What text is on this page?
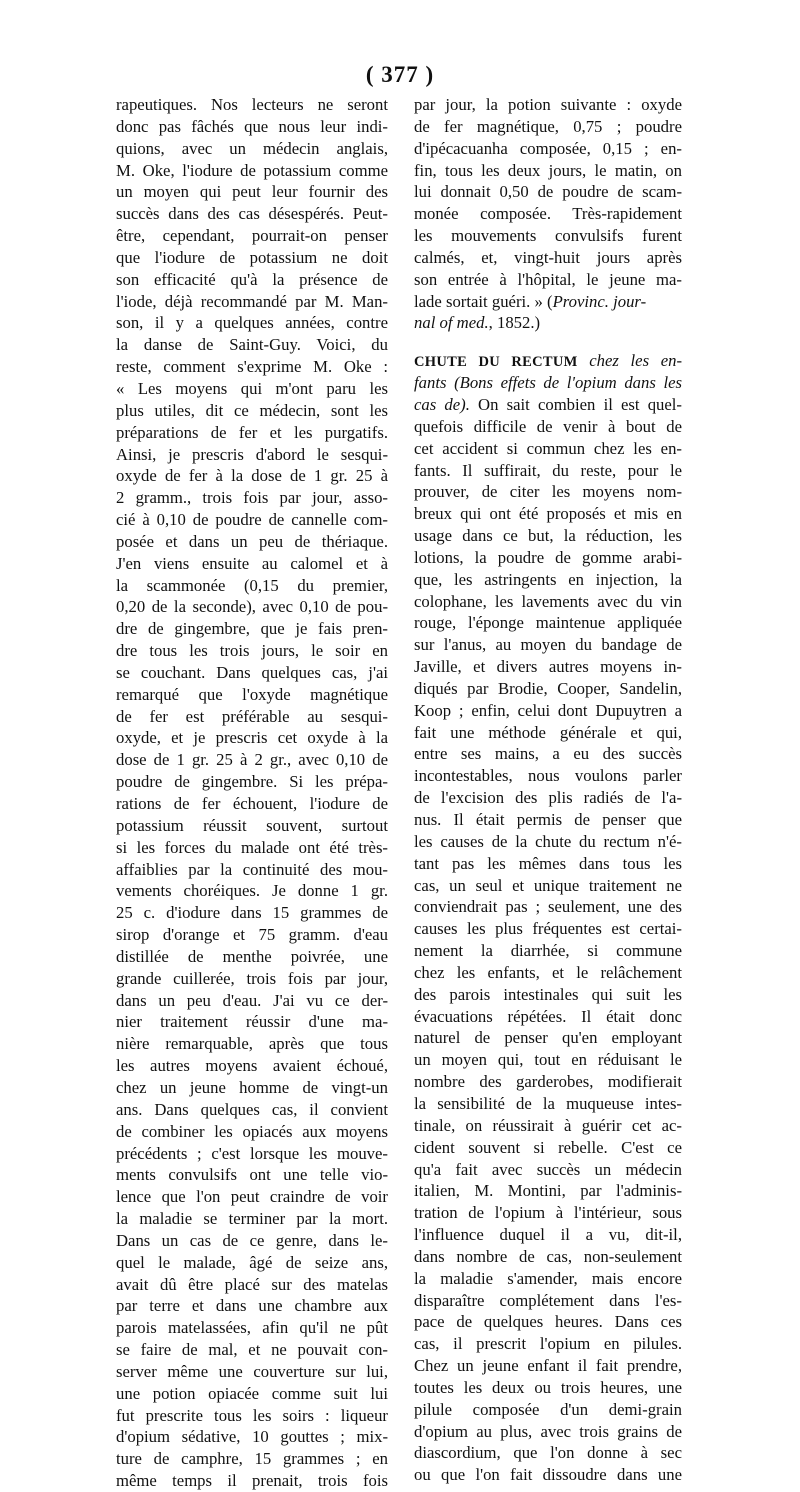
( 377 )
rapeutiques. Nos lecteurs ne seront
donc pas fâchés que nous leur indi-
quions, avec un médecin anglais,
M. Oke, l'iodure de potassium comme
un moyen qui peut leur fournir des
succès dans des cas désespérés. Peut-
être, cependant, pourrait-on penser
que l'iodure de potassium ne doit
son efficacité qu'à la présence de
l'iode, déjà recommandé par M. Man-
son, il y a quelques années, contre
la danse de Saint-Guy. Voici, du
reste, comment s'exprime M. Oke :
« Les moyens qui m'ont paru les
plus utiles, dit ce médecin, sont les
préparations de fer et les purgatifs.
Ainsi, je prescris d'abord le sesqui-
oxyde de fer à la dose de 1 gr. 25 à
2 gramm., trois fois par jour, asso-
cié à 0,10 de poudre de cannelle com-
posée et dans un peu de thériaque.
J'en viens ensuite au calomel et à
la scammonée (0,15 du premier,
0,20 de la seconde), avec 0,10 de pou-
dre de gingembre, que je fais pren-
dre tous les trois jours, le soir en
se couchant. Dans quelques cas, j'ai
remarqué que l'oxyde magnétique
de fer est préférable au sesqui-
oxyde, et je prescris cet oxyde à la
dose de 1 gr. 25 à 2 gr., avec 0,10 de
poudre de gingembre. Si les prépa-
rations de fer échouent, l'iodure de
potassium réussit souvent, surtout
si les forces du malade ont été très-
affaiblies par la continuité des mou-
vements choréiques. Je donne 1 gr.
25 c. d'iodure dans 15 grammes de
sirop d'orange et 75 gramm. d'eau
distillée de menthe poivrée, une
grande cuillerée, trois fois par jour,
dans un peu d'eau. J'ai vu ce der-
nier traitement réussir d'une ma-
nière remarquable, après que tous
les autres moyens avaient échoué,
chez un jeune homme de vingt-un
ans. Dans quelques cas, il convient
de combiner les opiacés aux moyens
précédents ; c'est lorsque les mouve-
ments convulsifs ont une telle vio-
lence que l'on peut craindre de voir
la maladie se terminer par la mort.
Dans un cas de ce genre, dans le-
quel le malade, âgé de seize ans,
avait dû être placé sur des matelas
par terre et dans une chambre aux
parois matelassées, afin qu'il ne pût
se faire de mal, et ne pouvait con-
server même une couverture sur lui,
une potion opiacée comme suit lui
fut prescrite tous les soirs : liqueur
d'opium sédative, 10 gouttes ; mix-
ture de camphre, 15 grammes ; en
même temps il prenait, trois fois
par jour, la potion suivante : oxyde
de fer magnétique, 0,75 ; poudre
d'ipécacuanha composée, 0,15 ; en-
fin, tous les deux jours, le matin, on
lui donnait 0,50 de poudre de scam-
monée composée. Très-rapidement
les mouvements convulsifs furent
calmés, et, vingt-huit jours après
son entrée à l'hôpital, le jeune ma-
lade sortait guéri. » (Provinc. jour-
nal of med., 1852.)
CHUTE DU RECTUM chez les en-
fants (Bons effets de l'opium dans les
cas de). On sait combien il est quel-
quefois difficile de venir à bout de
cet accident si commun chez les en-
fants. Il suffirait, du reste, pour le
prouver, de citer les moyens nom-
breux qui ont été proposés et mis en
usage dans ce but, la réduction, les
lotions, la poudre de gomme arabi-
que, les astringents en injection, la
colophane, les lavements avec du vin
rouge, l'éponge maintenue appliquée
sur l'anus, au moyen du bandage de
Javille, et divers autres moyens in-
diqués par Brodie, Cooper, Sandelin,
Koop ; enfin, celui dont Dupuytren a
fait une méthode générale et qui,
entre ses mains, a eu des succès
incontestables, nous voulons parler
de l'excision des plis radiés de l'a-
nus. Il était permis de penser que
les causes de la chute du rectum n'é-
tant pas les mêmes dans tous les
cas, un seul et unique traitement ne
conviendrait pas ; seulement, une des
causes les plus fréquentes est certai-
nement la diarrhée, si commune
chez les enfants, et le relâchement
des parois intestinales qui suit les
évacuations répétées. Il était donc
naturel de penser qu'en employant
un moyen qui, tout en réduisant le
nombre des garderobes, modifierait
la sensibilité de la muqueuse intes-
tinale, on réussirait à guérir cet ac-
cident souvent si rebelle. C'est ce
qu'a fait avec succès un médecin
italien, M. Montini, par l'adminis-
tration de l'opium à l'intérieur, sous
l'influence duquel il a vu, dit-il,
dans nombre de cas, non-seulement
la maladie s'amender, mais encore
disparaître complétement dans l'es-
pace de quelques heures. Dans ces
cas, il prescrit l'opium en pilules.
Chez un jeune enfant il fait prendre,
toutes les deux ou trois heures, une
pilule composée d'un demi-grain
d'opium au plus, avec trois grains de
diascordium, que l'on donne à sec
ou que l'on fait dissoudre dans une
